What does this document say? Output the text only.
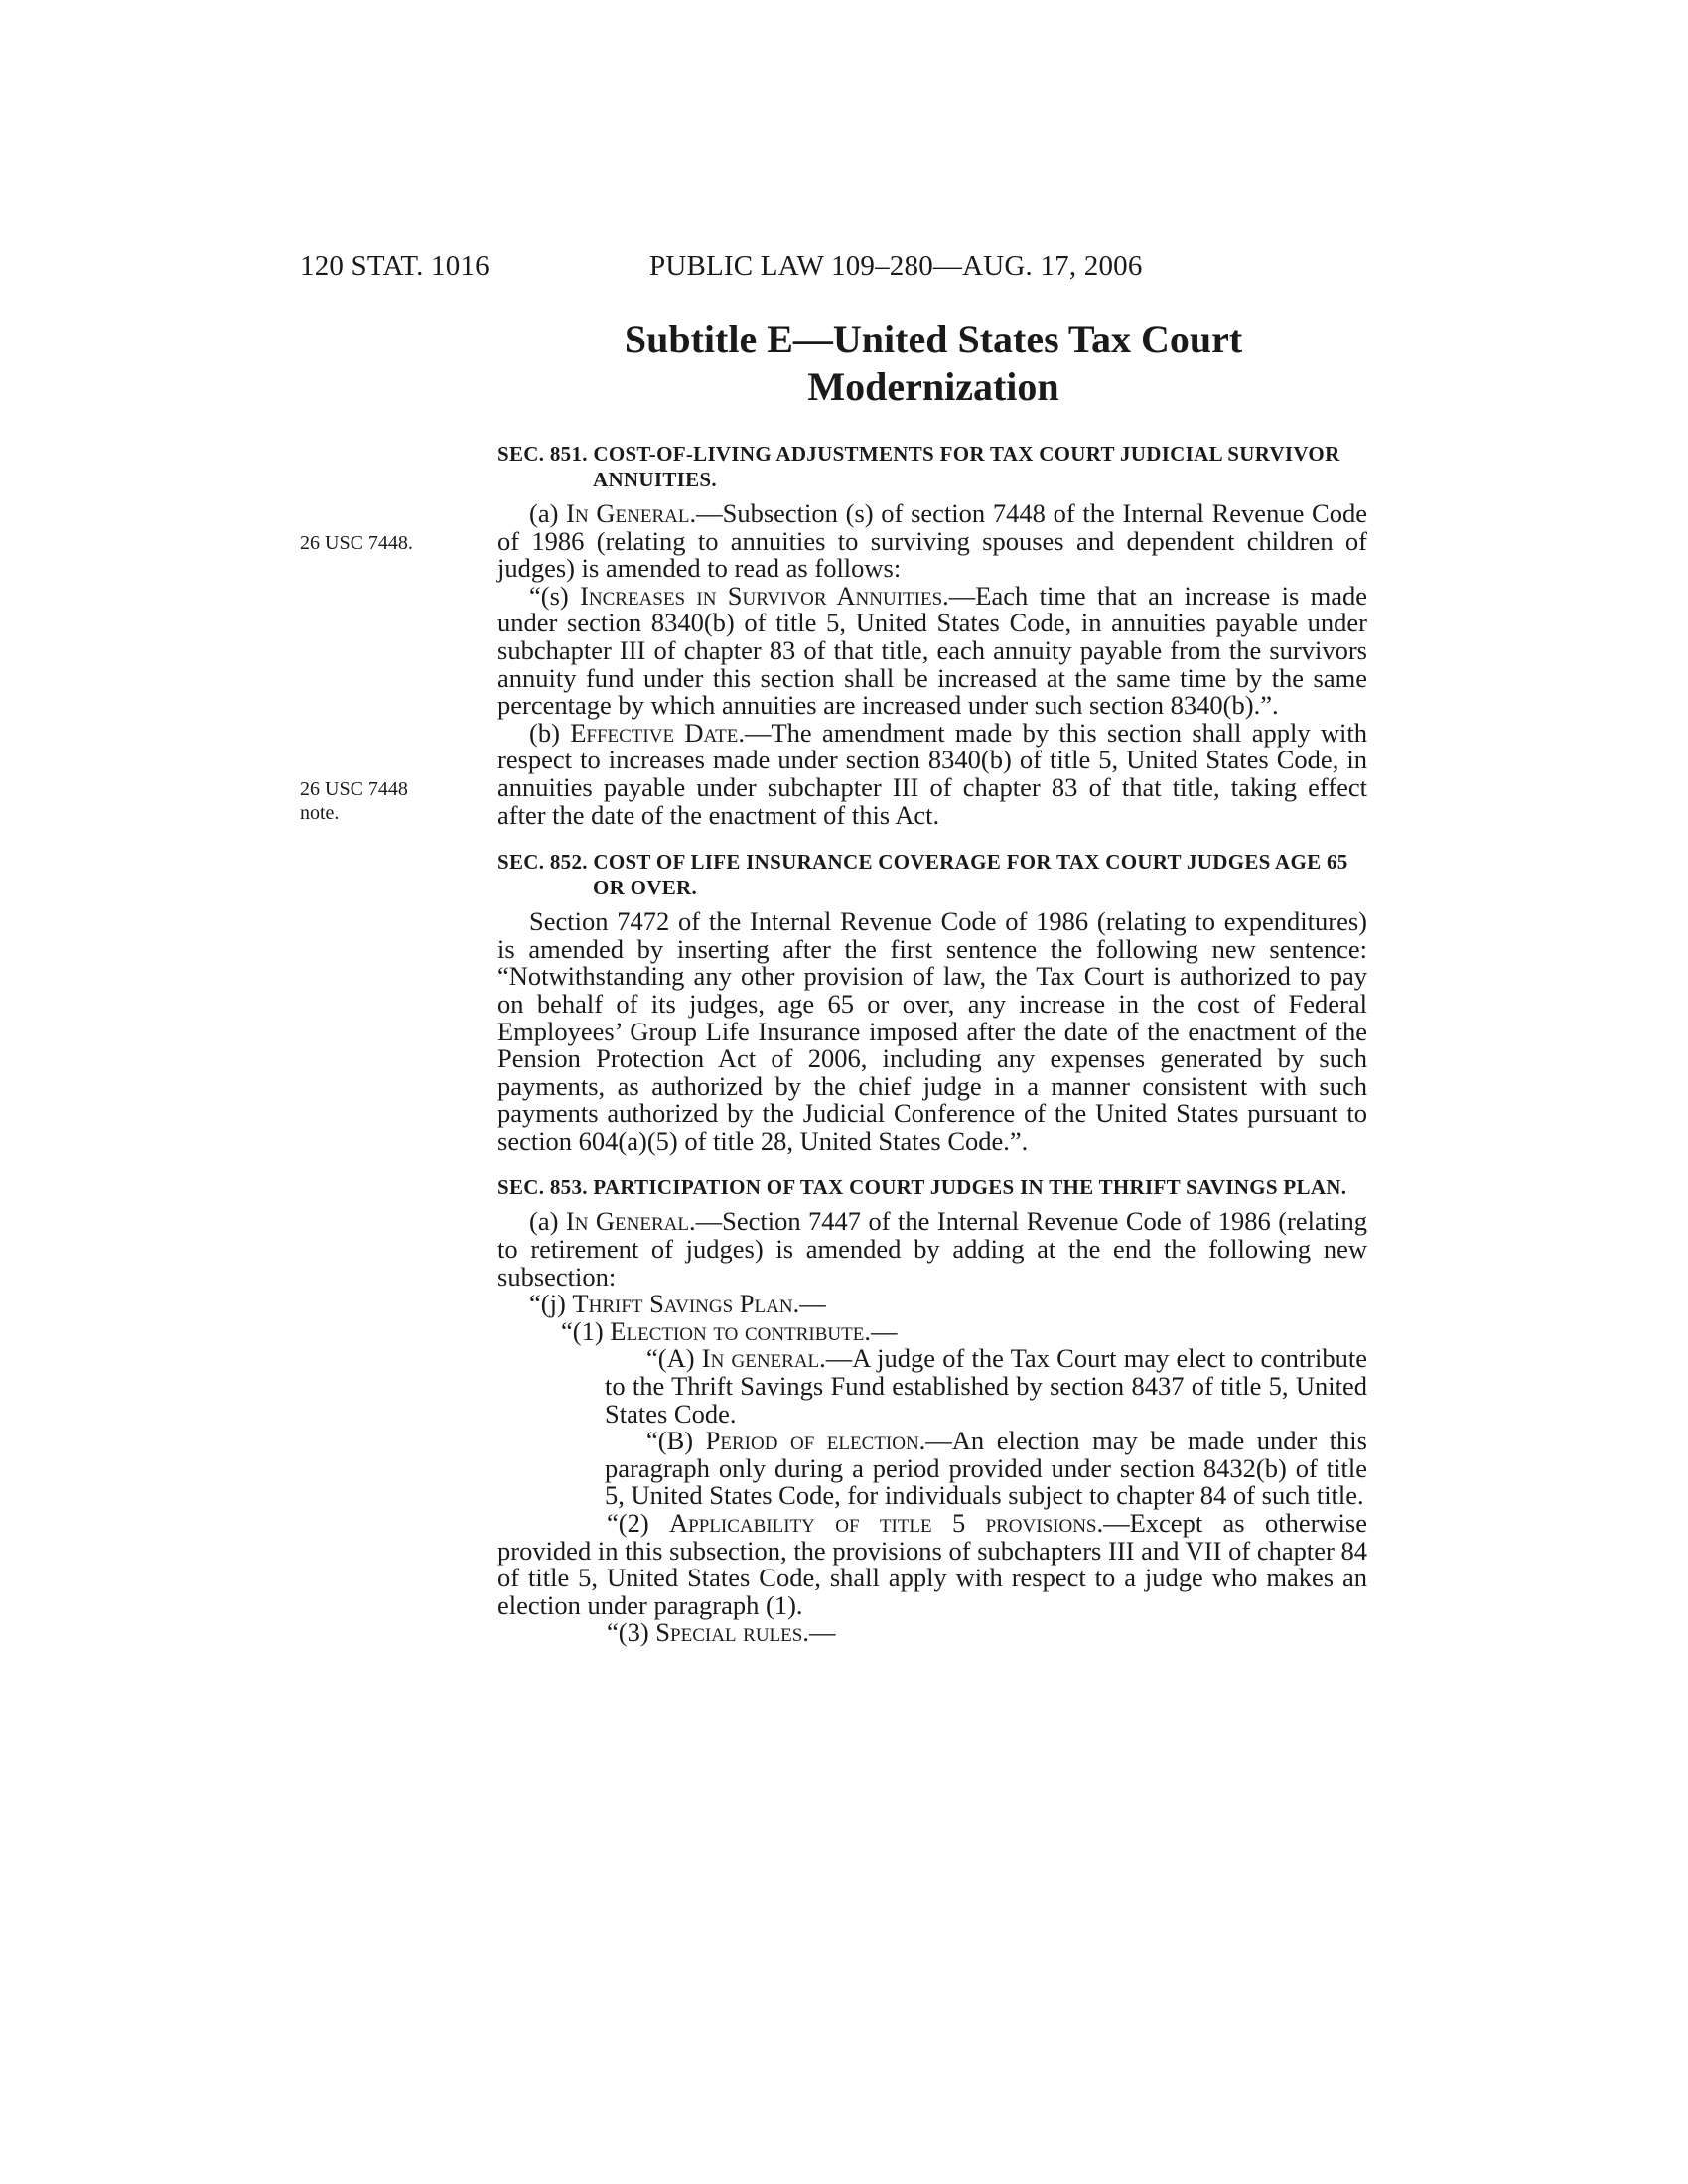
120 STAT. 1016	PUBLIC LAW 109–280—AUG. 17, 2006
Subtitle E—United States Tax Court
Modernization
26 USC 7448.
26 USC 7448
note.
SEC. 851. COST-OF-LIVING ADJUSTMENTS FOR TAX COURT JUDICIAL SURVIVOR ANNUITIES.

(a) In General.—Subsection (s) of section 7448 of the Internal Revenue Code of 1986 (relating to annuities to surviving spouses and dependent children of judges) is amended to read as follows:

“(s) Increases in Survivor Annuities.—Each time that an increase is made under section 8340(b) of title 5, United States Code, in annuities payable under subchapter III of chapter 83 of that title, each annuity payable from the survivors annuity fund under this section shall be increased at the same time by the same percentage by which annuities are increased under such section 8340(b).”.

(b) Effective Date.—The amendment made by this section shall apply with respect to increases made under section 8340(b) of title 5, United States Code, in annuities payable under subchapter III of chapter 83 of that title, taking effect after the date of the enactment of this Act.

SEC. 852. COST OF LIFE INSURANCE COVERAGE FOR TAX COURT JUDGES AGE 65 OR OVER.

Section 7472 of the Internal Revenue Code of 1986 (relating to expenditures) is amended by inserting after the first sentence the following new sentence: “Notwithstanding any other provision of law, the Tax Court is authorized to pay on behalf of its judges, age 65 or over, any increase in the cost of Federal Employees’ Group Life Insurance imposed after the date of the enactment of the Pension Protection Act of 2006, including any expenses generated by such payments, as authorized by the chief judge in a manner consistent with such payments authorized by the Judicial Conference of the United States pursuant to section 604(a)(5) of title 28, United States Code.”.

SEC. 853. PARTICIPATION OF TAX COURT JUDGES IN THE THRIFT SAVINGS PLAN.

(a) In General.—Section 7447 of the Internal Revenue Code of 1986 (relating to retirement of judges) is amended by adding at the end the following new subsection:

“(j) Thrift Savings Plan.—

“(1) Election to contribute.—

“(A) In general.—A judge of the Tax Court may elect to contribute to the Thrift Savings Fund established by section 8437 of title 5, United States Code.

“(B) Period of election.—An election may be made under this paragraph only during a period provided under section 8432(b) of title 5, United States Code, for individuals subject to chapter 84 of such title.

“(2) Applicability of title 5 provisions.—Except as otherwise provided in this subsection, the provisions of subchapters III and VII of chapter 84 of title 5, United States Code, shall apply with respect to a judge who makes an election under paragraph (1).

“(3) Special rules.—
